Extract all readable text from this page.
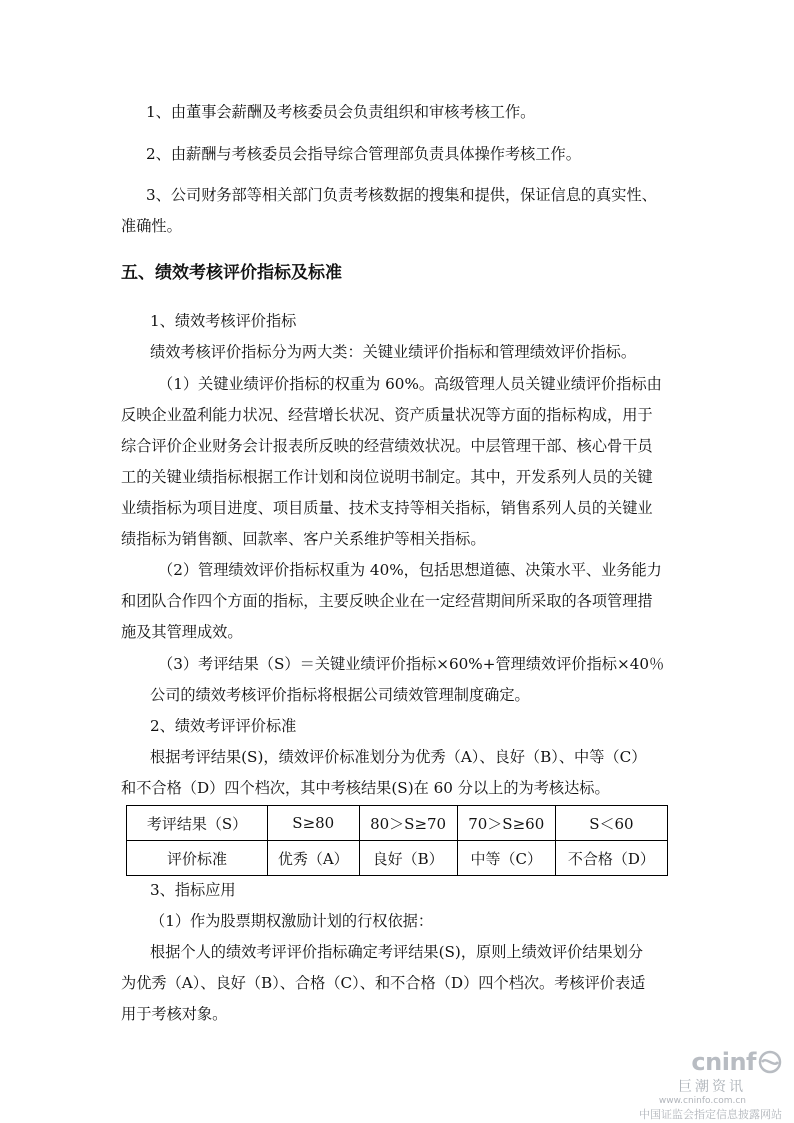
1、由董事会薪酬及考核委员会负责组织和审核考核工作。

2、由薪酬与考核委员会指导综合管理部负责具体操作考核工作。

3、公司财务部等相关部门负责考核数据的搜集和提供，保证信息的真实性、

准确性。

五、绩效考核评价指标及标准

1、绩效考核评价指标

绩效考核评价指标分为两大类：关键业绩评价指标和管理绩效评价指标。

（1）关键业绩评价指标的权重为 60%。高级管理人员关键业绩评价指标由

反映企业盈利能力状况、经营增长状况、资产质量状况等方面的指标构成，用于

综合评价企业财务会计报表所反映的经营绩效状况。中层管理干部、核心骨干员

工的关键业绩指标根据工作计划和岗位说明书制定。其中，开发系列人员的关键

业绩指标为项目进度、项目质量、技术支持等相关指标，销售系列人员的关键业

绩指标为销售额、回款率、客户关系维护等相关指标。

（2）管理绩效评价指标权重为 40%，包括思想道德、决策水平、业务能力

和团队合作四个方面的指标，主要反映企业在一定经营期间所采取的各项管理措

施及其管理成效。

（3）考评结果（S）＝关键业绩评价指标×60%+管理绩效评价指标×40％

公司的绩效考核评价指标将根据公司绩效管理制度确定。

2、绩效考评评价标准

根据考评结果(S)，绩效评价标准划分为优秀（A）、良好（B）、中等（C）

和不合格（D）四个档次，其中考核结果(S)在 60 分以上的为考核达标。

考评结果（S）	S≥80	80＞S≥70	70＞S≥60	S＜60
评价标准	优秀（A）	良好（B）	中等（C）	不合格（D）

3、指标应用

（1）作为股票期权激励计划的行权依据：

根据个人的绩效考评评价指标确定考评结果(S)，原则上绩效评价结果划分

为优秀（A）、良好（B）、合格（C）、和不合格（D）四个档次。考核评价表适

用于考核对象。

cninf
巨潮资讯
www.cninfo.com.cn
中国证监会指定信息披露网站
